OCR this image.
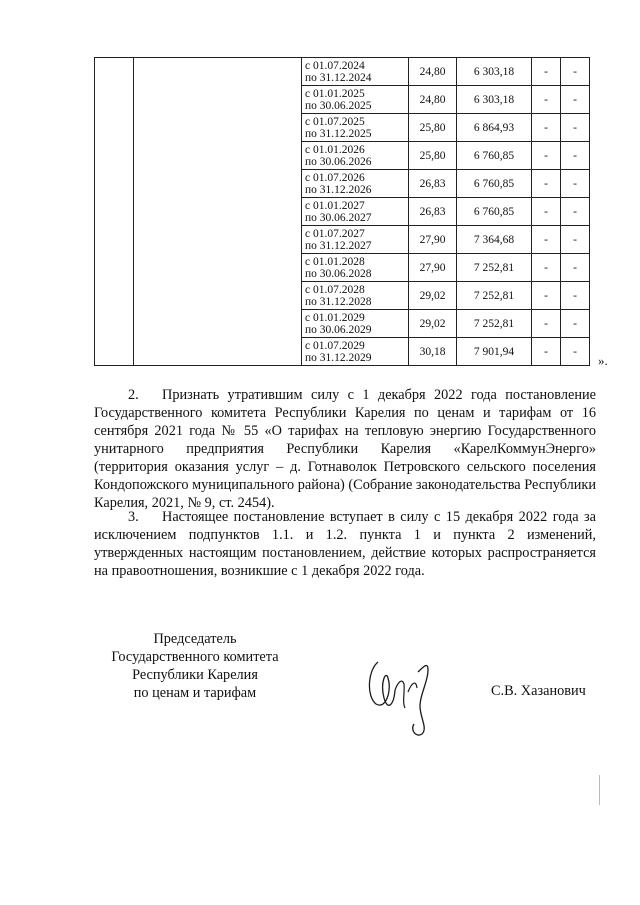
		с 01.07.2024
по 31.12.2024	24,80	6 303,18	-	-

		с 01.01.2025
по 30.06.2025	24,80	6 303,18	-	-

		с 01.07.2025
по 31.12.2025	25,80	6 864,93	-	-

		с 01.01.2026
по 30.06.2026	25,80	6 760,85	-	-

		с 01.07.2026
по 31.12.2026	26,83	6 760,85	-	-

		с 01.01.2027
по 30.06.2027	26,83	6 760,85	-	-

		с 01.07.2027
по 31.12.2027	27,90	7 364,68	-	-

		с 01.01.2028
по 30.06.2028	27,90	7 252,81	-	-

		с 01.07.2028
по 31.12.2028	29,02	7 252,81	-	-

		с 01.01.2029
по 30.06.2029	29,02	7 252,81	-	-

		с 01.07.2029
по 31.12.2029	30,18	7 901,94	-	-
».

2. Признать утратившим силу с 1 декабря 2022 года постановление Государственного комитета Республики Карелия по ценам и тарифам от 16 сентября 2021 года № 55 «О тарифах на тепловую энергию Государственного унитарного предприятия Республики Карелия «КарелКоммунЭнерго» (территория оказания услуг – д. Готнаволок Петровского сельского поселения Кондопожского муниципального района) (Собрание законодательства Республики Карелия, 2021, № 9, ст. 2454).

3. Настоящее постановление вступает в силу с 15 декабря 2022 года за исключением подпунктов 1.1. и 1.2. пункта 1 и пункта 2 изменений, утвержденных настоящим постановлением, действие которых распространяется на правоотношения, возникшие с 1 декабря 2022 года.

Председатель
Государственного комитета
Республики Карелия
по ценам и тарифам	С.В. Хазанович
